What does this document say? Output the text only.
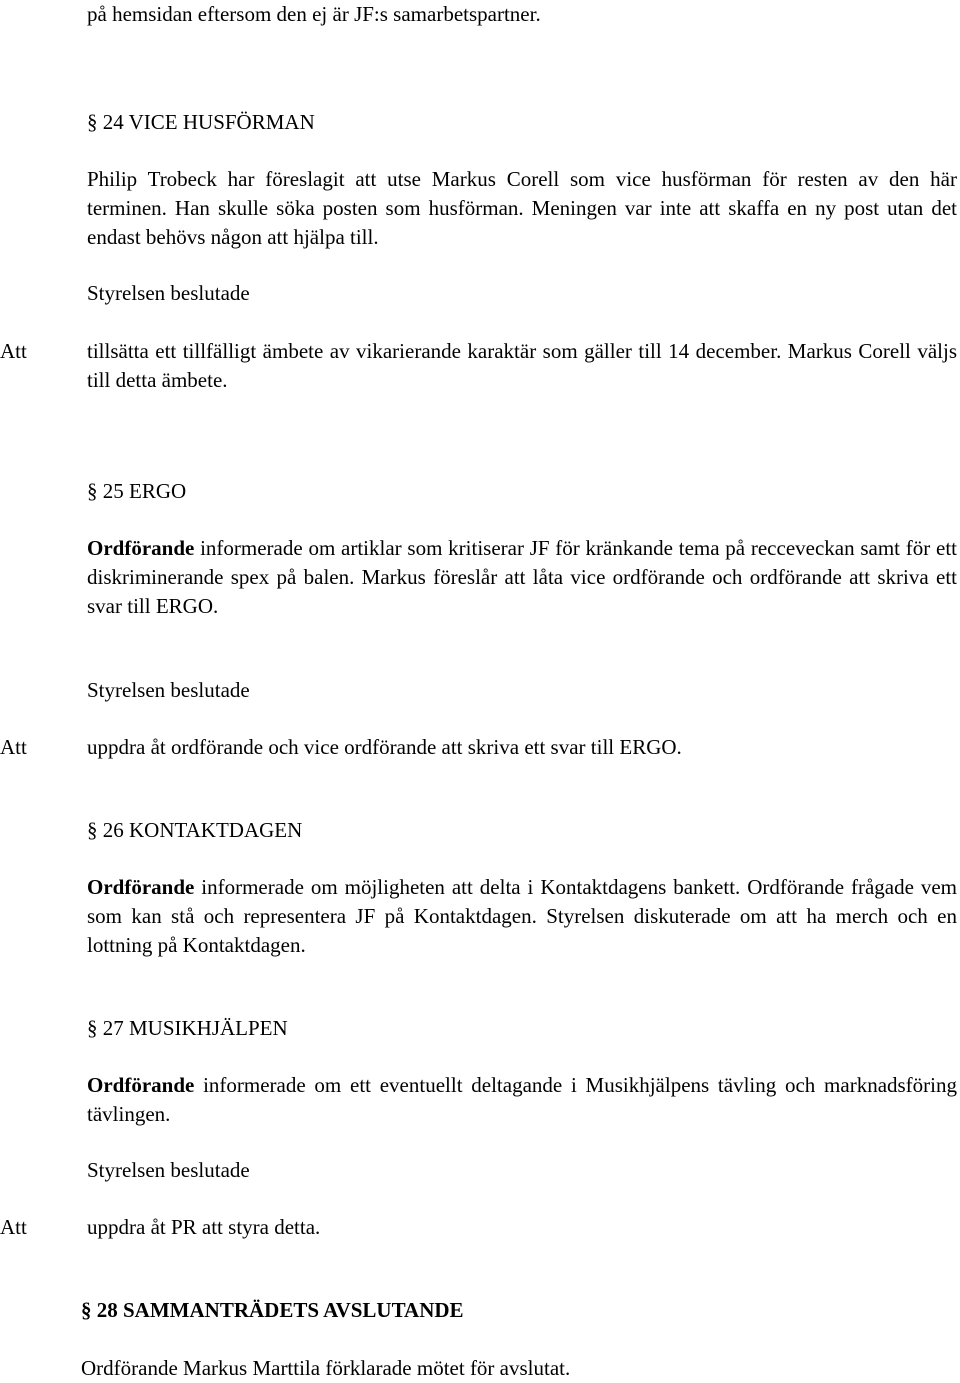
på hemsidan eftersom den ej är JF:s samarbetspartner.
§ 24 VICE HUSFÖRMAN
Philip Trobeck har föreslagit att utse Markus Corell som vice husförman för resten av den här terminen. Han skulle söka posten som husförman. Meningen var inte att skaffa en ny post utan det endast behövs någon att hjälpa till.
Styrelsen beslutade
Att	tillsätta ett tillfälligt ämbete av vikarierande karaktär som gäller till 14 december. Markus Corell väljs till detta ämbete.
§ 25 ERGO
Ordförande informerade om artiklar som kritiserar JF för kränkande tema på recceveckan samt för ett diskriminerande spex på balen. Markus föreslår att låta vice ordförande och ordförande att skriva ett svar till ERGO.
Styrelsen beslutade
Att	uppdra åt ordförande och vice ordförande att skriva ett svar till ERGO.
§ 26 KONTAKTDAGEN
Ordförande informerade om möjligheten att delta i Kontaktdagens bankett. Ordförande frågade vem som kan stå och representera JF på Kontaktdagen. Styrelsen diskuterade om att ha merch och en lottning på Kontaktdagen.
§ 27 MUSIKHJÄLPEN
Ordförande informerade om ett eventuellt deltagande i Musikhjälpens tävling och marknadsföring tävlingen.
Styrelsen beslutade
Att	uppdra åt PR att styra detta.
§ 28 SAMMANTRÄDETS AVSLUTANDE
Ordförande Markus Marttila förklarade mötet för avslutat.
